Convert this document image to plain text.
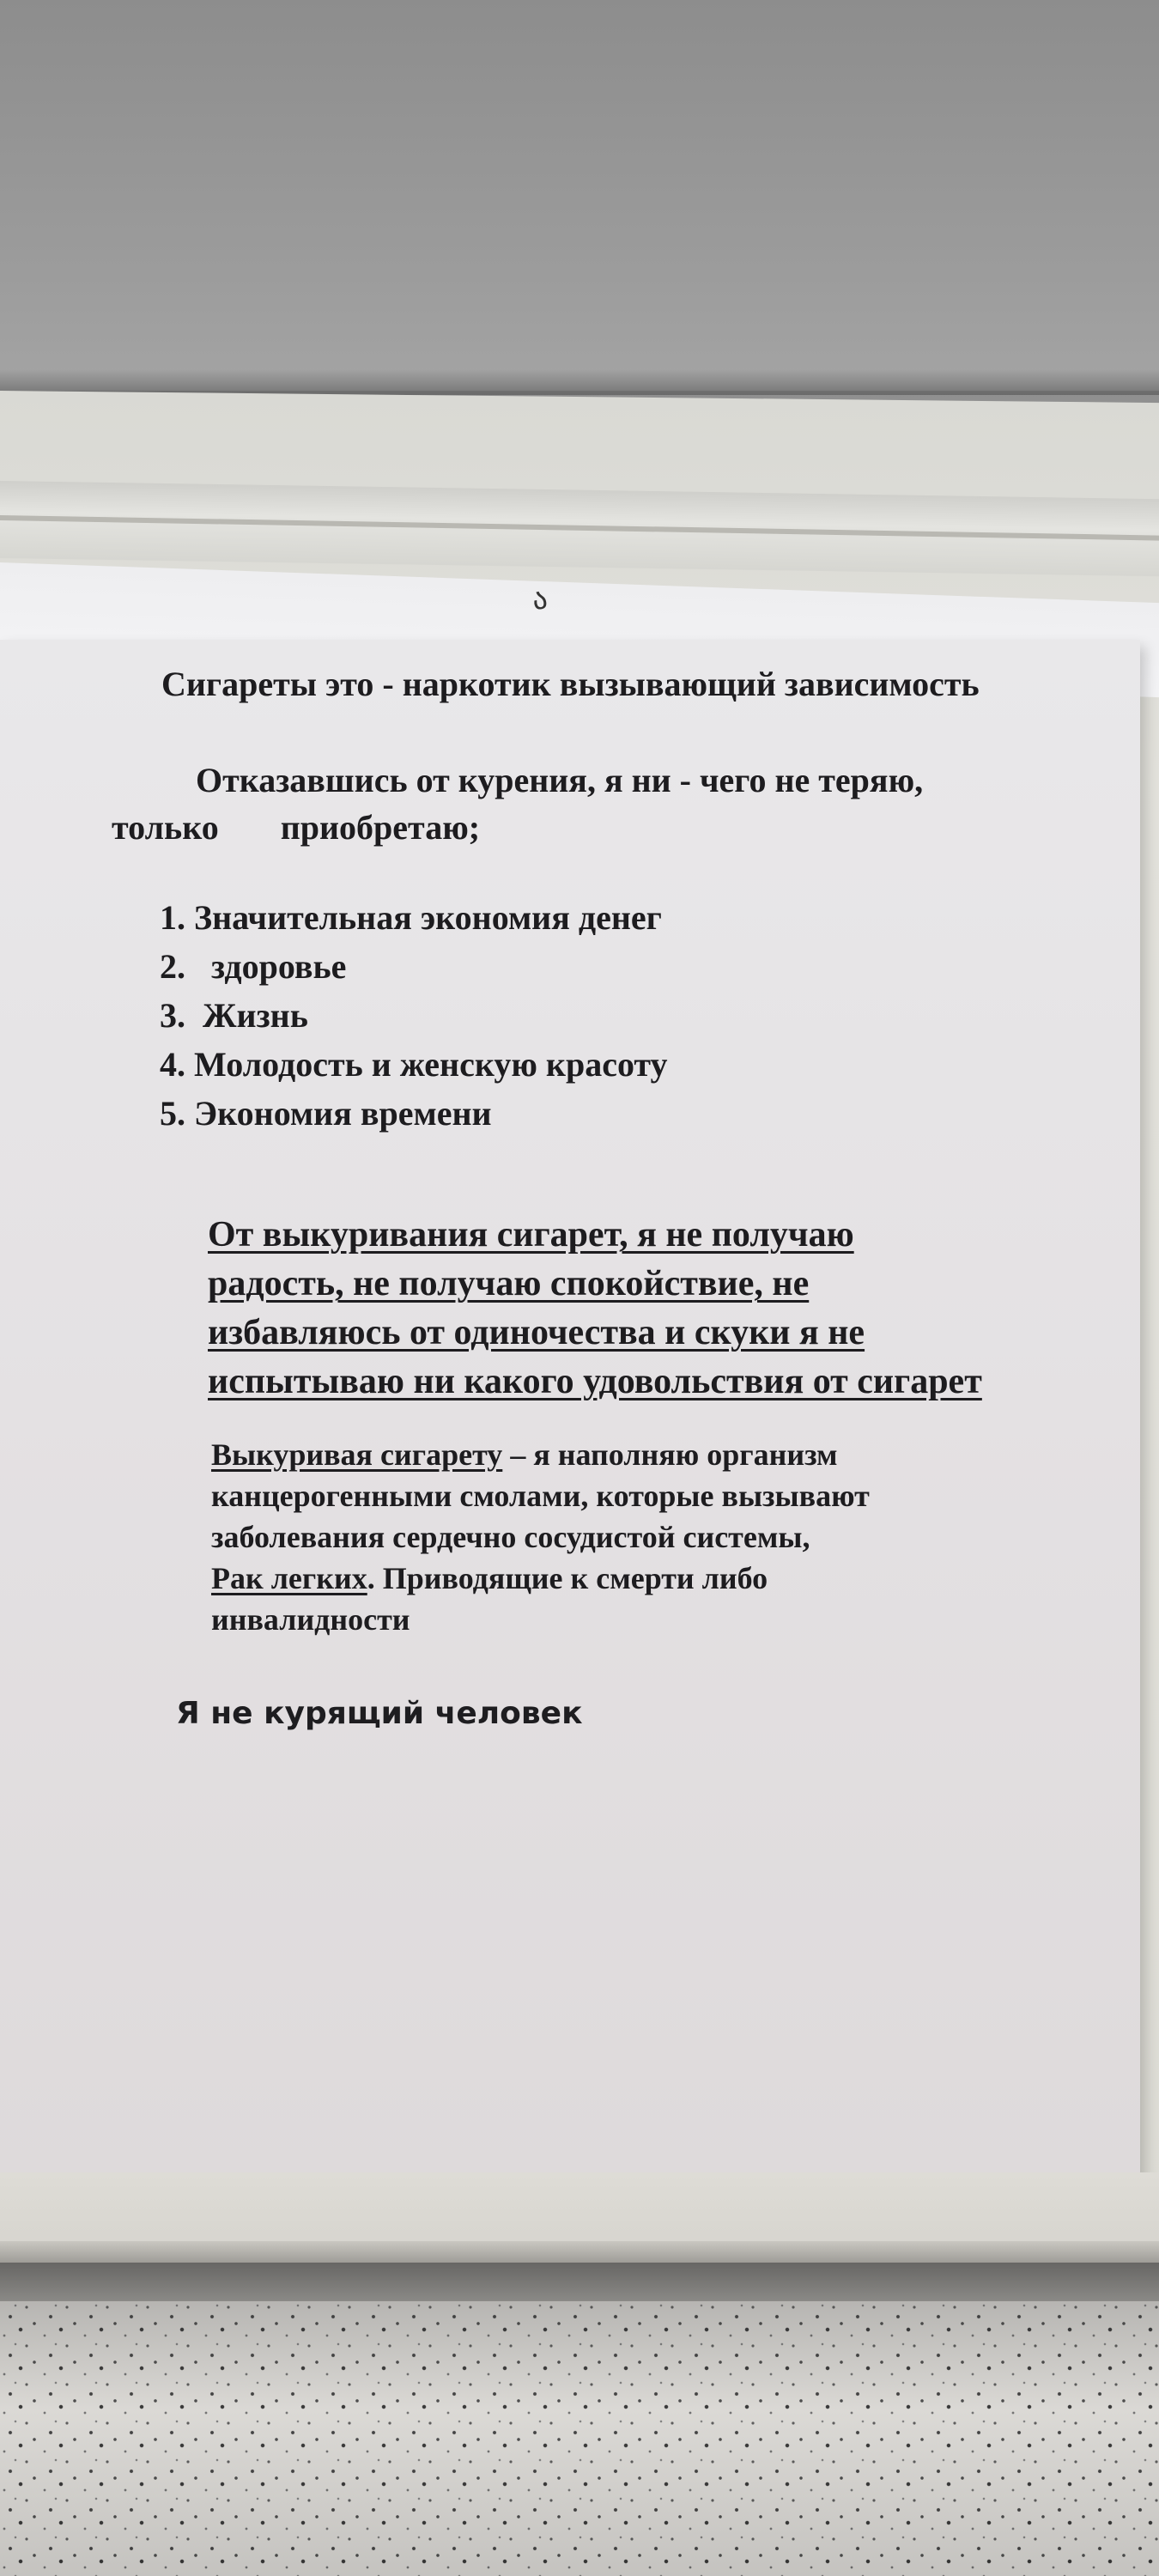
ა
Сигареты это - наркотик вызывающий зависимость
Отказавшись от курения, я ни - чего не теряю,
только приобретаю;
1. Значительная экономия денег
2. здоровье
3. Жизнь
4. Молодость и женскую красоту
5. Экономия времени
От выкуривания сигарет, я не получаю
радость, не получаю спокойствие, не
избавляюсь от одиночества и скуки я не
испытываю ни какого удовольствия от сигарет
Выкуривая сигарету – я наполняю организм
канцерогенными смолами, которые вызывают
заболевания сердечно сосудистой системы,
Рак легких. Приводящие к смерти либо
инвалидности
Я не курящий человек
